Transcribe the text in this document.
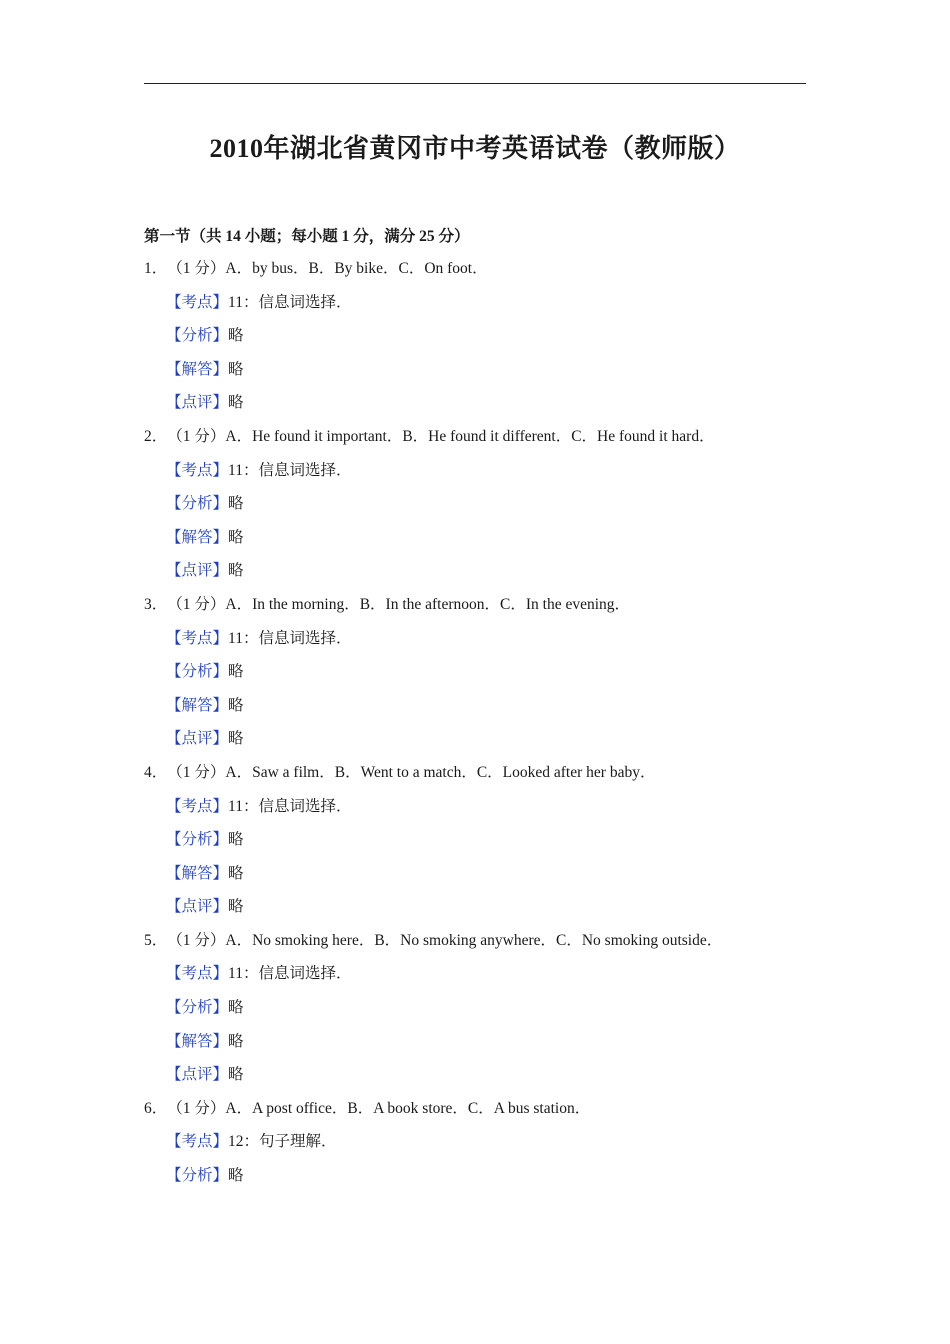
2010年湖北省黄冈市中考英语试卷（教师版）
第一节（共 14 小题；每小题 1 分，满分 25 分）
1．（1 分）A．by bus．B．By bike．C．On foot．
【考点】11：信息词选择．
【分析】略
【解答】略
【点评】略
2．（1 分）A．He found it important．B．He found it different．C．He found it hard．
【考点】11：信息词选择．
【分析】略
【解答】略
【点评】略
3．（1 分）A．In the morning．B．In the afternoon．C．In the evening．
【考点】11：信息词选择．
【分析】略
【解答】略
【点评】略
4．（1 分）A．Saw a film．B．Went to a match．C．Looked after her baby．
【考点】11：信息词选择．
【分析】略
【解答】略
【点评】略
5．（1 分）A．No smoking here．B．No smoking anywhere．C．No smoking outside．
【考点】11：信息词选择．
【分析】略
【解答】略
【点评】略
6．（1 分）A．A post office．B．A book store．C．A bus station．
【考点】12：句子理解．
【分析】略
